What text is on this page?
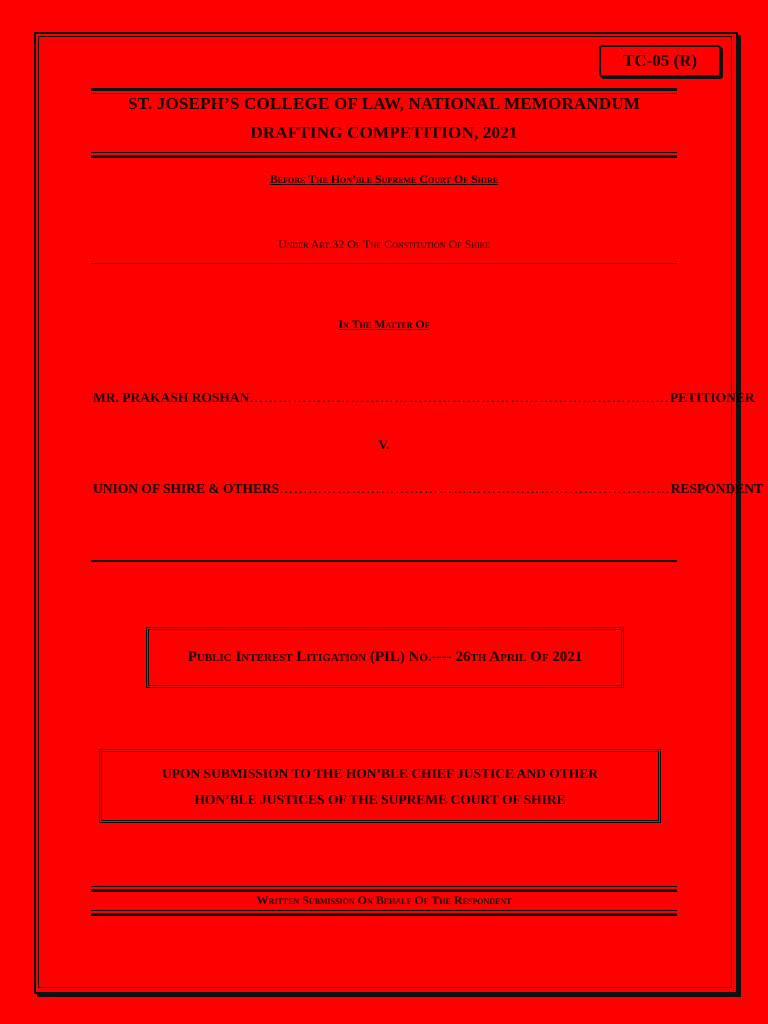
TC-05 (R)
ST. JOSEPH’S COLLEGE OF LAW, NATIONAL MEMORANDUM
DRAFTING COMPETITION, 2021
Before The Hon’ble Supreme Court Of Shire
Under Art.32 Of The Constitution Of Shire
In The Matter Of
MR. PRAKASH ROSHAN …………………………………………………………………………… PETITIONER
V.
UNION OF SHIRE & OTHERS ……………………………………………………………………… RESPONDENT
Public Interest Litigation (PIL) No.---- 26th April Of 2021
UPON SUBMISSION TO THE HON’BLE CHIEF JUSTICE AND OTHER
HON’BLE JUSTICES OF THE SUPREME COURT OF SHIRE
Written Submission On Behalf Of The Respondent
